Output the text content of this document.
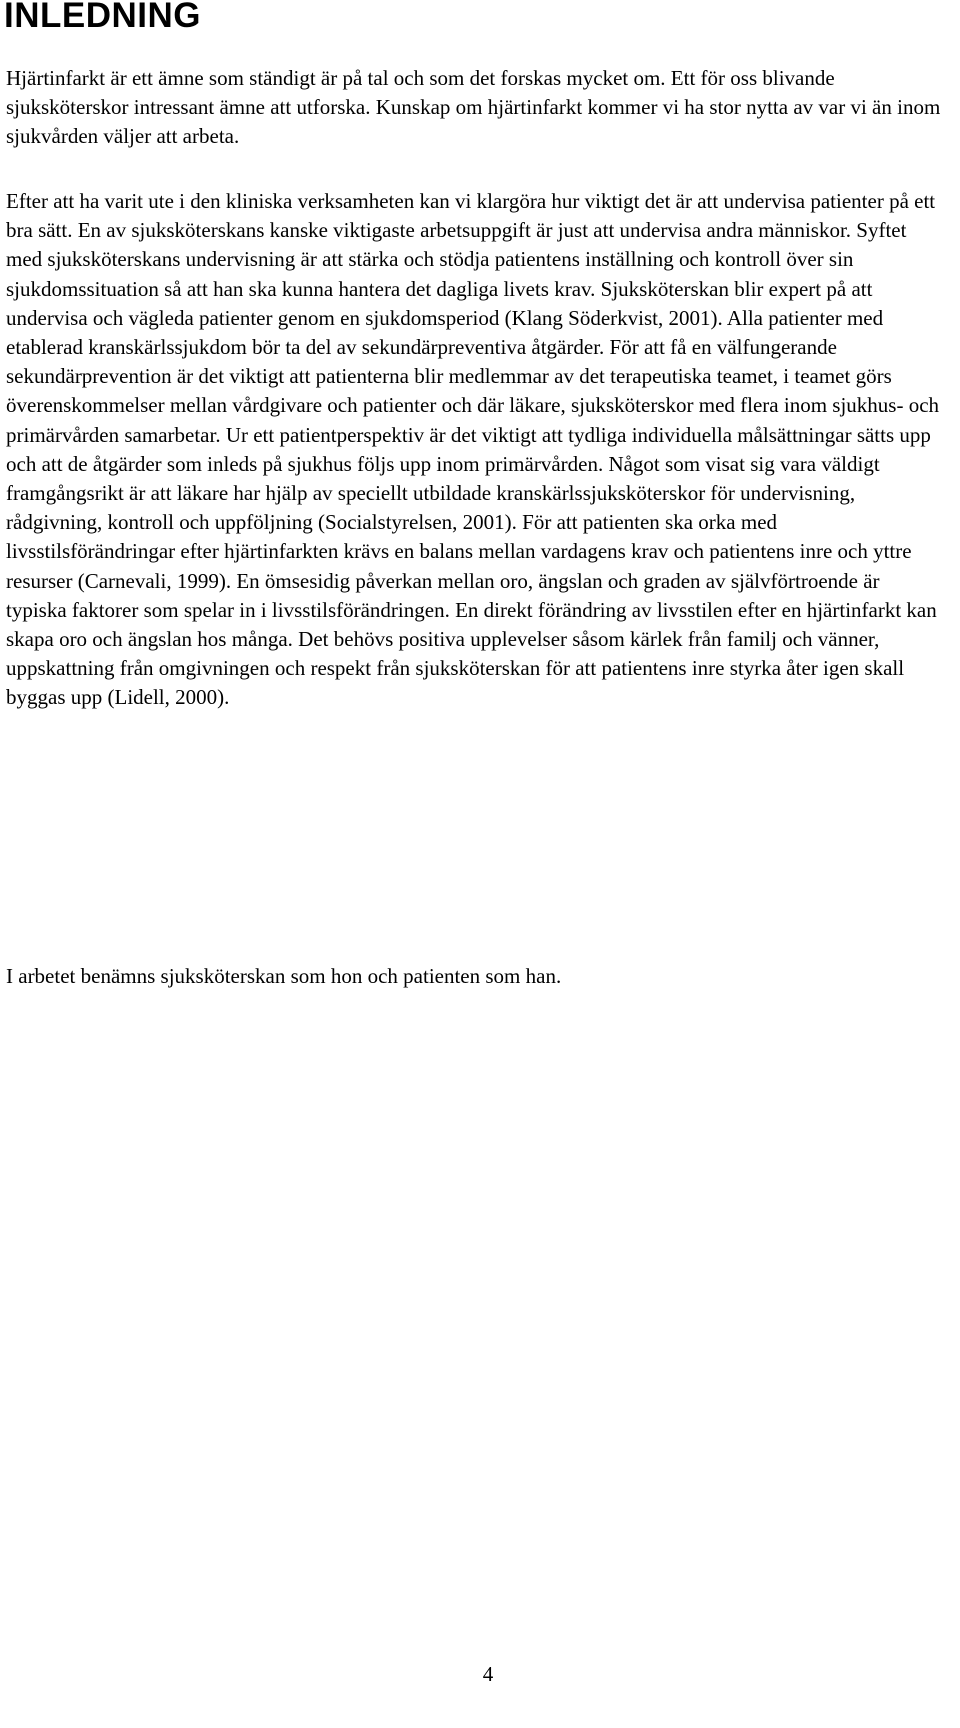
INLEDNING

Hjärtinfarkt är ett ämne som ständigt är på tal och som det forskas mycket om. Ett för oss blivande sjuksköterskor intressant ämne att utforska. Kunskap om hjärtinfarkt kommer vi ha stor nytta av var vi än inom sjukvården väljer att arbeta.

Efter att ha varit ute i den kliniska verksamheten kan vi klargöra hur viktigt det är att undervisa patienter på ett bra sätt. En av sjuksköterskans kanske viktigaste arbetsuppgift är just att undervisa andra människor. Syftet med sjuksköterskans undervisning är att stärka och stödja patientens inställning och kontroll över sin sjukdomssituation så att han ska kunna hantera det dagliga livets krav. Sjuksköterskan blir expert på att undervisa och vägleda patienter genom en sjukdomsperiod (Klang Söderkvist, 2001). Alla patienter med etablerad kranskärlssjukdom bör ta del av sekundärpreventiva åtgärder. För att få en välfungerande sekundärprevention är det viktigt att patienterna blir medlemmar av det terapeutiska teamet, i teamet görs överenskommelser mellan vårdgivare och patienter och där läkare, sjuksköterskor med flera inom sjukhus- och primärvården samarbetar. Ur ett patientperspektiv är det viktigt att tydliga individuella målsättningar sätts upp och att de åtgärder som inleds på sjukhus följs upp inom primärvården. Något som visat sig vara väldigt framgångsrikt är att läkare har hjälp av speciellt utbildade kranskärlssjuksköterskor för undervisning, rådgivning, kontroll och uppföljning (Socialstyrelsen, 2001). För att patienten ska orka med livsstilsförändringar efter hjärtinfarkten krävs en balans mellan vardagens krav och patientens inre och yttre resurser (Carnevali, 1999). En ömsesidig påverkan mellan oro, ängslan och graden av självförtroende är typiska faktorer som spelar in i livsstilsförändringen. En direkt förändring av livsstilen efter en hjärtinfarkt kan skapa oro och ängslan hos många. Det behövs positiva upplevelser såsom kärlek från familj och vänner, uppskattning från omgivningen och respekt från sjuksköterskan för att patientens inre styrka åter igen skall byggas upp (Lidell, 2000).

I arbetet benämns sjuksköterskan som hon och patienten som han.

4
